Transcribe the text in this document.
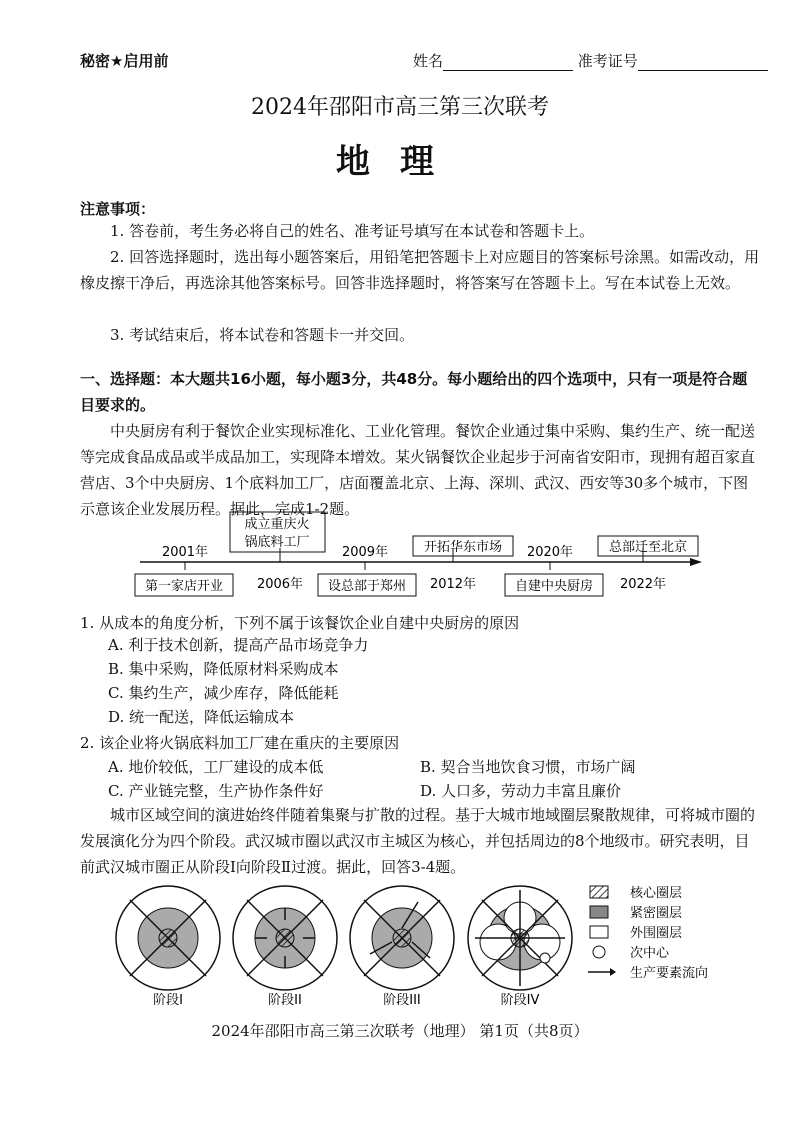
秘密★启用前	姓名	准考证号
2024年邵阳市高三第三次联考
地理
注意事项：
1. 答卷前，考生务必将自己的姓名、准考证号填写在本试卷和答题卡上。
2. 回答选择题时，选出每小题答案后，用铅笔把答题卡上对应题目的答案标号涂黑。如需改动，用橡皮擦干净后，再选涂其他答案标号。回答非选择题时，将答案写在答题卡上。写在本试卷上无效。
3. 考试结束后，将本试卷和答题卡一并交回。
一、选择题：本大题共16小题，每小题3分，共48分。每小题给出的四个选项中，只有一项是符合题目要求的。
中央厨房有利于餐饮企业实现标准化、工业化管理。餐饮企业通过集中采购、集约生产、统一配送等完成食品成品或半成品加工，实现降本增效。某火锅餐饮企业起步于河南省安阳市，现拥有超百家直营店、3个中央厨房、1个底料加工厂，店面覆盖北京、上海、深圳、武汉、西安等30多个城市，下图示意该企业发展历程。据此，完成1-2题。
成立重庆火
锅底料工厂	开拓华东市场	总部迁至北京
2001年	2009年	2020年
第一家店开业	设总部于郑州	自建中央厨房
2006年	2012年	2022年
1. 从成本的角度分析，下列不属于该餐饮企业自建中央厨房的原因
A. 利于技术创新，提高产品市场竞争力
B. 集中采购，降低原材料采购成本
C. 集约生产，减少库存，降低能耗
D. 统一配送，降低运输成本
2. 该企业将火锅底料加工厂建在重庆的主要原因
A. 地价较低，工厂建设的成本低	B. 契合当地饮食习惯，市场广阔
C. 产业链完整，生产协作条件好	D. 人口多，劳动力丰富且廉价
城市区域空间的演进始终伴随着集聚与扩散的过程。基于大城市地域圈层聚散规律，可将城市圈的发展演化分为四个阶段。武汉城市圈以武汉市主城区为核心，并包括周边的8个地级市。研究表明，目前武汉城市圈正从阶段Ⅰ向阶段Ⅱ过渡。据此，回答3-4题。
阶段I	阶段II	阶段III	阶段IV
核心圈层
紧密圈层
外围圈层
次中心
生产要素流向
2024年邵阳市高三第三次联考（地理） 第1页（共8页）
